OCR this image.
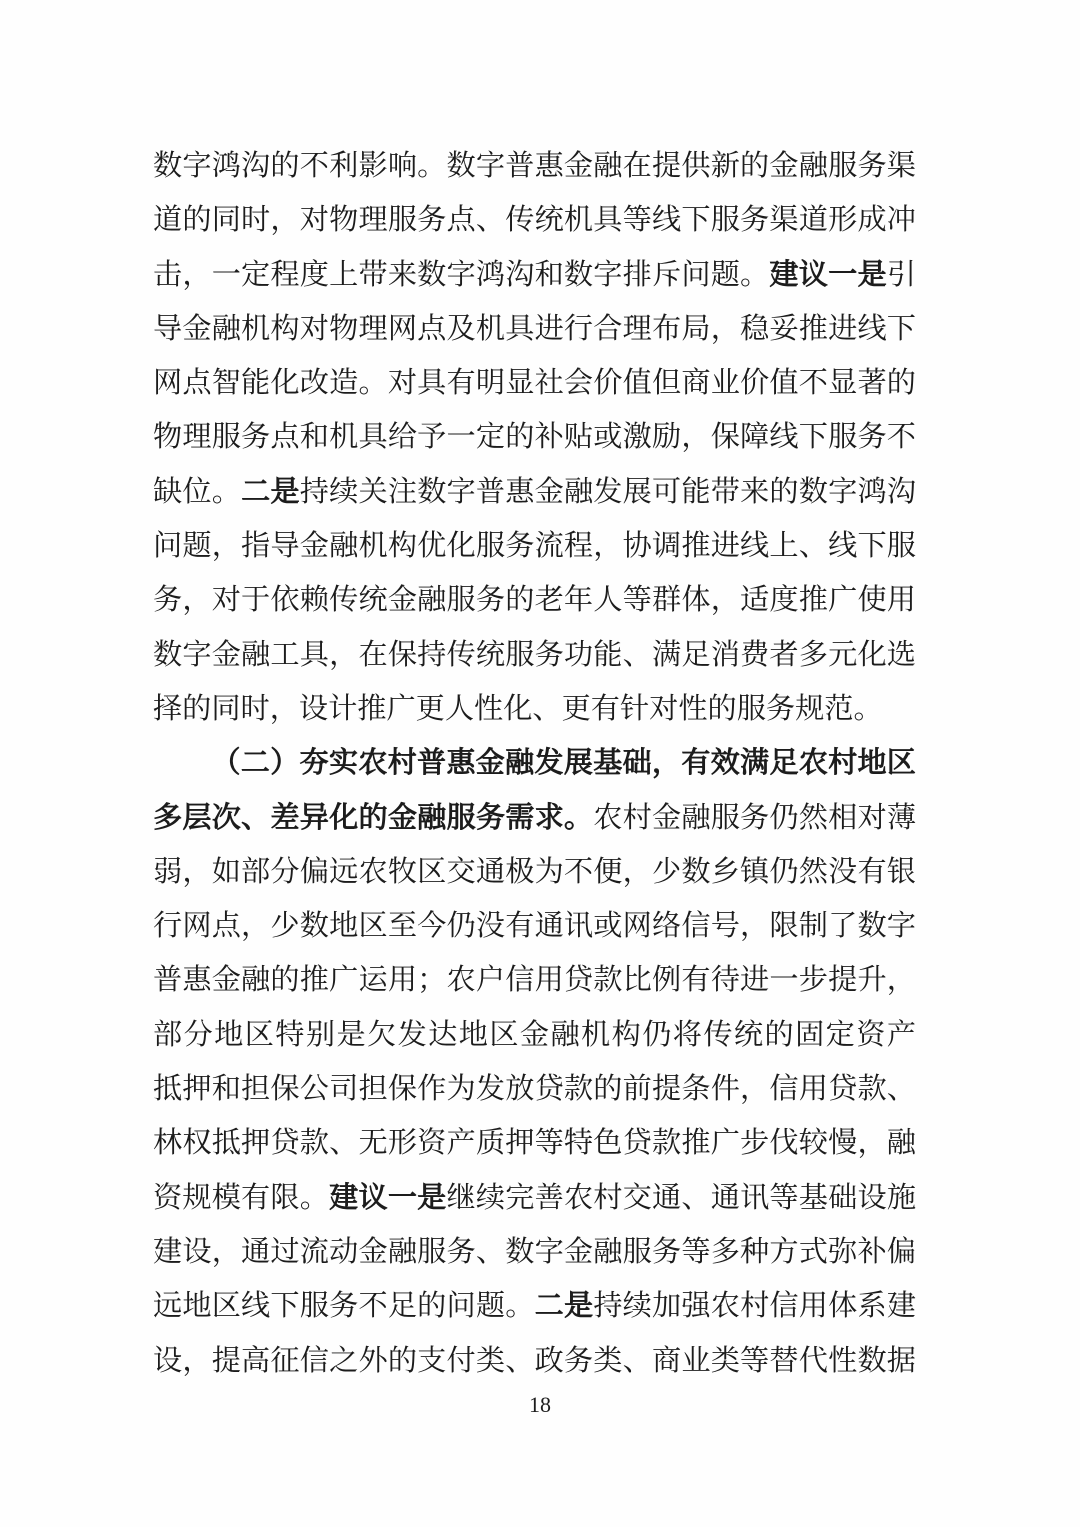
数字鸿沟的不利影响。数字普惠金融在提供新的金融服务渠
道的同时，对物理服务点、传统机具等线下服务渠道形成冲
击，一定程度上带来数字鸿沟和数字排斥问题。建议一是引
导金融机构对物理网点及机具进行合理布局，稳妥推进线下
网点智能化改造。对具有明显社会价值但商业价值不显著的
物理服务点和机具给予一定的补贴或激励，保障线下服务不
缺位。二是持续关注数字普惠金融发展可能带来的数字鸿沟
问题，指导金融机构优化服务流程，协调推进线上、线下服
务，对于依赖传统金融服务的老年人等群体，适度推广使用
数字金融工具，在保持传统服务功能、满足消费者多元化选
择的同时，设计推广更人性化、更有针对性的服务规范。
（二）夯实农村普惠金融发展基础，有效满足农村地区
多层次、差异化的金融服务需求。农村金融服务仍然相对薄
弱，如部分偏远农牧区交通极为不便，少数乡镇仍然没有银
行网点，少数地区至今仍没有通讯或网络信号，限制了数字
普惠金融的推广运用；农户信用贷款比例有待进一步提升，
部分地区特别是欠发达地区金融机构仍将传统的固定资产
抵押和担保公司担保作为发放贷款的前提条件，信用贷款、
林权抵押贷款、无形资产质押等特色贷款推广步伐较慢，融
资规模有限。建议一是继续完善农村交通、通讯等基础设施
建设，通过流动金融服务、数字金融服务等多种方式弥补偏
远地区线下服务不足的问题。二是持续加强农村信用体系建
设，提高征信之外的支付类、政务类、商业类等替代性数据
18
